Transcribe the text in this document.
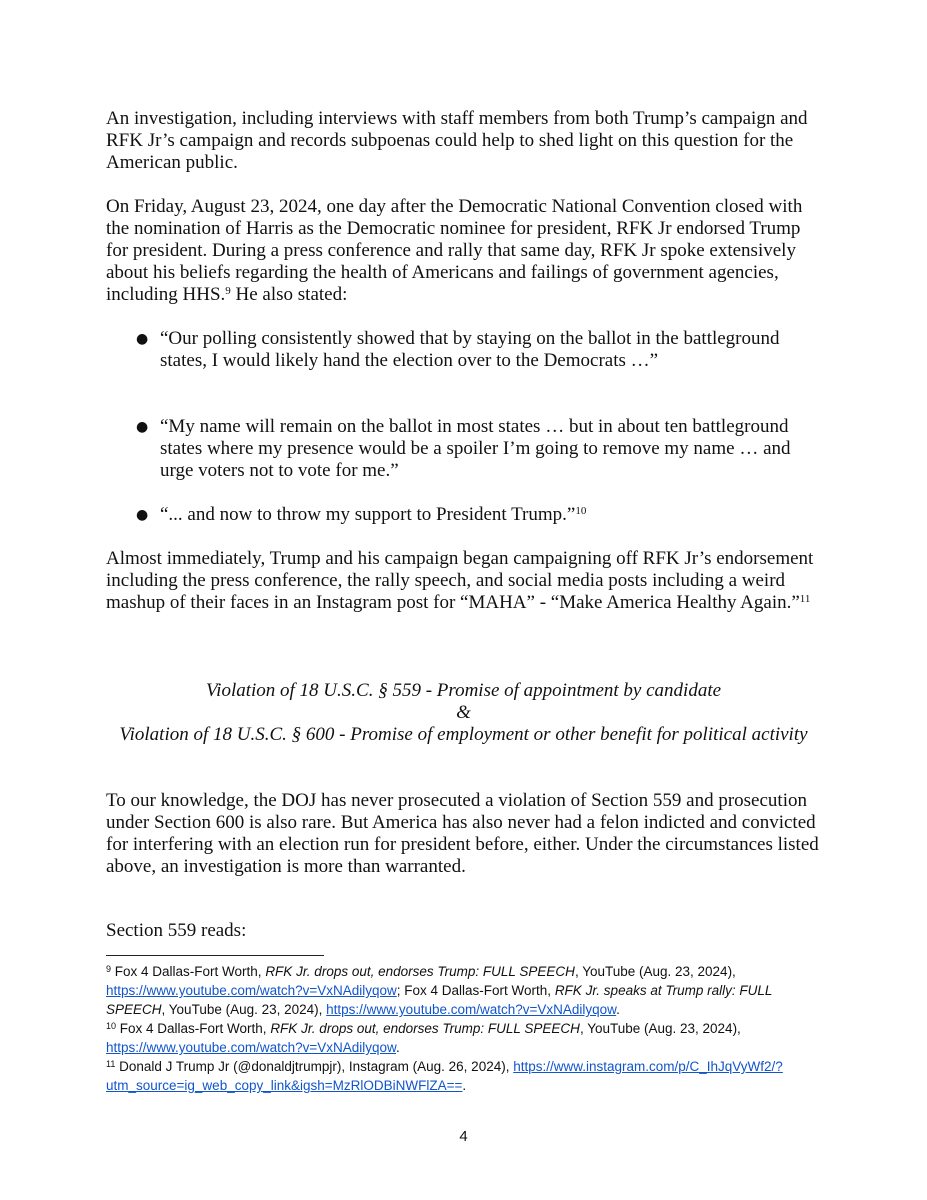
An investigation, including interviews with staff members from both Trump’s campaign and RFK Jr’s campaign and records subpoenas could help to shed light on this question for the American public.

On Friday, August 23, 2024, one day after the Democratic National Convention closed with the nomination of Harris as the Democratic nominee for president, RFK Jr endorsed Trump for president. During a press conference and rally that same day, RFK Jr spoke extensively about his beliefs regarding the health of Americans and failings of government agencies, including HHS.$^9$ He also stated:

● “Our polling consistently showed that by staying on the ballot in the battleground states, I would likely hand the election over to the Democrats …”

● “My name will remain on the ballot in most states … but in about ten battleground states where my presence would be a spoiler I’m going to remove my name … and urge voters not to vote for me.”

● “... and now to throw my support to President Trump.”$^{10}$

Almost immediately, Trump and his campaign began campaigning off RFK Jr’s endorsement including the press conference, the rally speech, and social media posts including a weird mashup of their faces in an Instagram post for “MAHA” - “Make America Healthy Again.”$^{11}$

Violation of 18 U.S.C. § 559 - Promise of appointment by candidate
&
Violation of 18 U.S.C. § 600 - Promise of employment or other benefit for political activity

To our knowledge, the DOJ has never prosecuted a violation of Section 559 and prosecution under Section 600 is also rare. But America has also never had a felon indicted and convicted for interfering with an election run for president before, either. Under the circumstances listed above, an investigation is more than warranted.

Section 559 reads:

$^9$ Fox 4 Dallas-Fort Worth, RFK Jr. drops out, endorses Trump: FULL SPEECH, YouTube (Aug. 23, 2024), https://www.youtube.com/watch?v=VxNAdilyqow; Fox 4 Dallas-Fort Worth, RFK Jr. speaks at Trump rally: FULL SPEECH, YouTube (Aug. 23, 2024), https://www.youtube.com/watch?v=VxNAdilyqow.

$^{10}$ Fox 4 Dallas-Fort Worth, RFK Jr. drops out, endorses Trump: FULL SPEECH, YouTube (Aug. 23, 2024), https://www.youtube.com/watch?v=VxNAdilyqow.

$^{11}$ Donald J Trump Jr (@donaldjtrumpjr), Instagram (Aug. 26, 2024), https://www.instagram.com/p/C_IhJqVyWf2/?utm_source=ig_web_copy_link&igsh=MzRlODBiNWFlZA==.

4
